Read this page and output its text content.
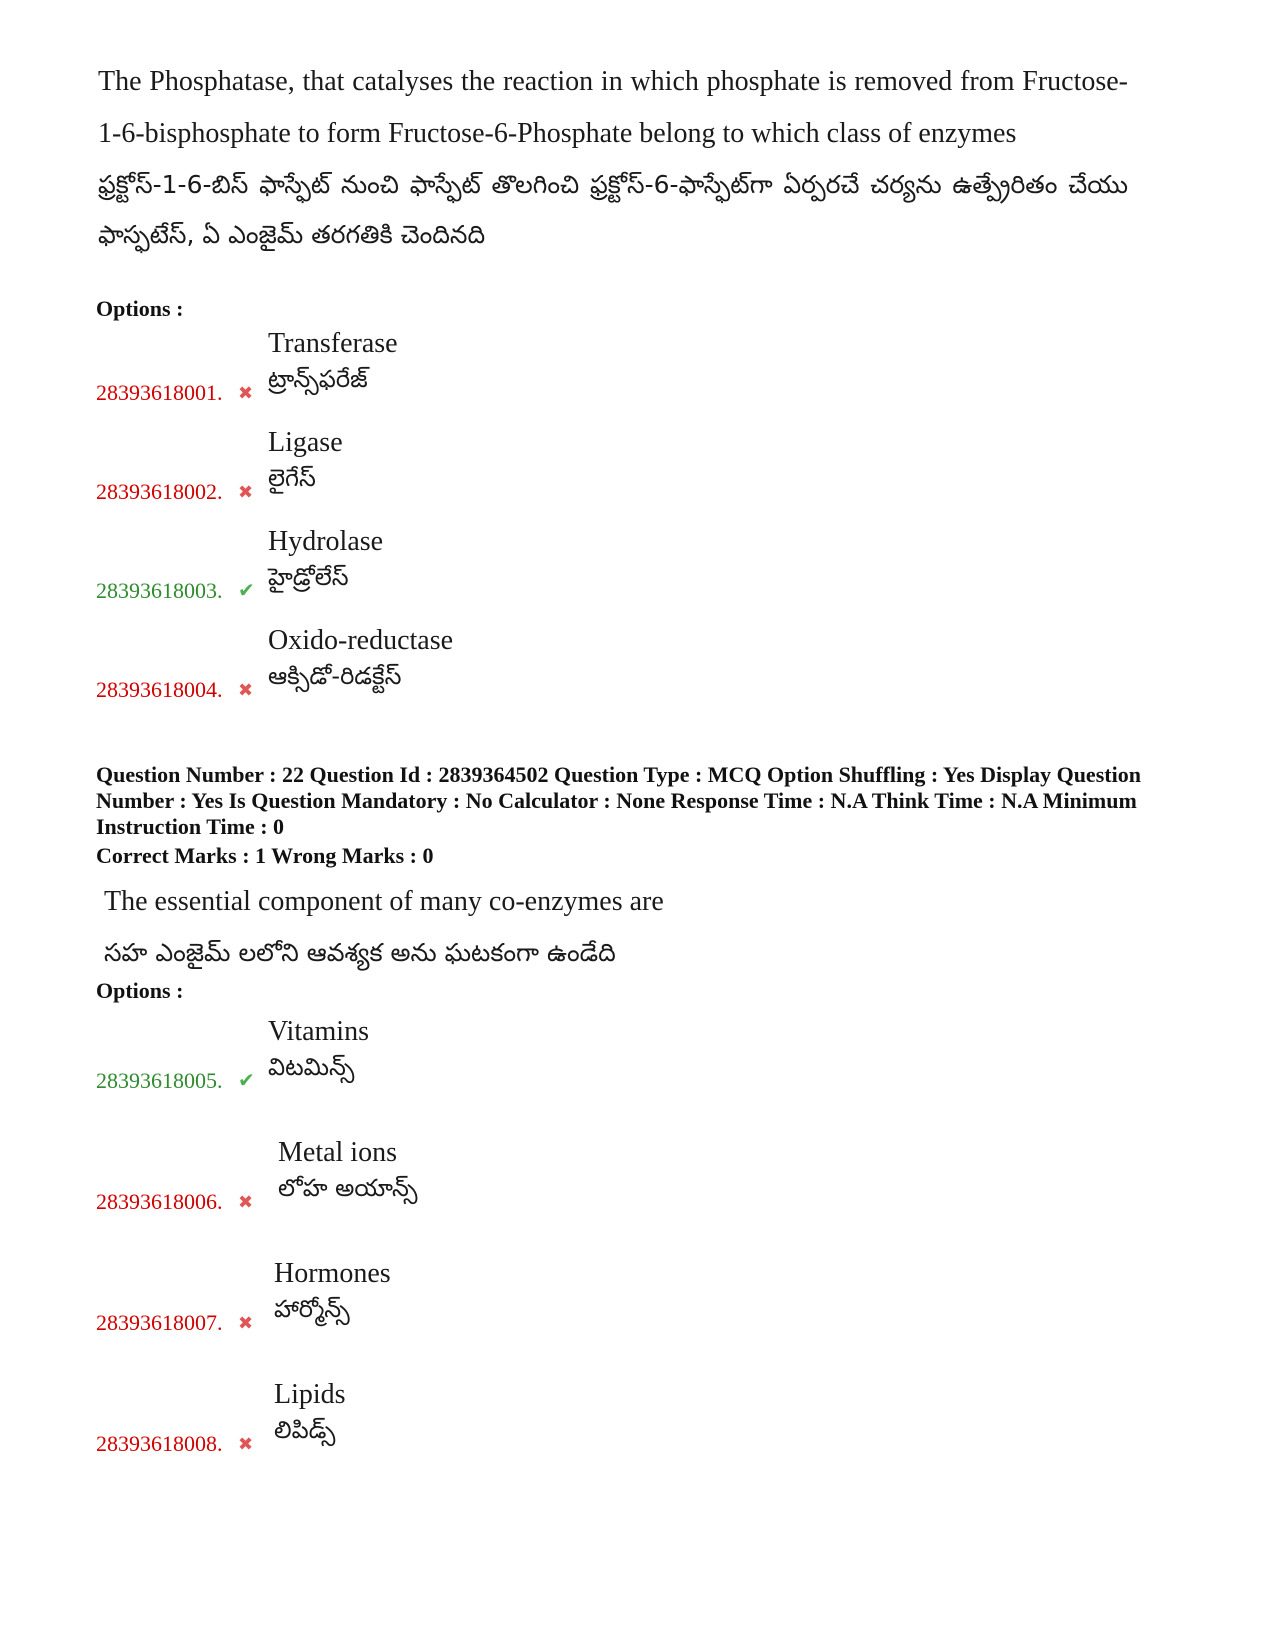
The Phosphatase, that catalyses the reaction in which phosphate is removed from Fructose-1-6-bisphosphate to form Fructose-6-Phosphate belong to which class of enzymes
ఫ్రక్టోస్-1-6-బిస్ ఫాస్ఫేట్ నుంచి ఫాస్ఫేట్ తొలగించి ఫ్రక్టోస్-6-ఫాస్ఫేట్‌గా ఏర్పరచే చర్యను ఉత్ప్రేరితం చేయు ఫాస్ఫటేస్, ఏ ఎంజైమ్ తరగతికి చెందినది
Options :
28393618001. ✖
Transferase
ట్రాన్స్‌ఫరేజ్
28393618002. ✖
Ligase
లైగేస్
28393618003. ✔
Hydrolase
హైడ్రోలేస్
28393618004. ✖
Oxido-reductase
ఆక్సిడో-రిడక్టేస్
Question Number : 22 Question Id : 2839364502 Question Type : MCQ Option Shuffling : Yes Display Question Number : Yes Is Question Mandatory : No Calculator : None Response Time : N.A Think Time : N.A Minimum Instruction Time : 0
Correct Marks : 1 Wrong Marks : 0
The essential component of many co-enzymes are
సహ ఎంజైమ్ లలోని ఆవశ్యక అను ఘటకంగా ఉండేది
Options :
28393618005. ✔
Vitamins
విటమిన్స్
28393618006. ✖
Metal ions
లోహ అయాన్స్
28393618007. ✖
Hormones
హార్మోన్స్
28393618008. ✖
Lipids
లిపిడ్స్
